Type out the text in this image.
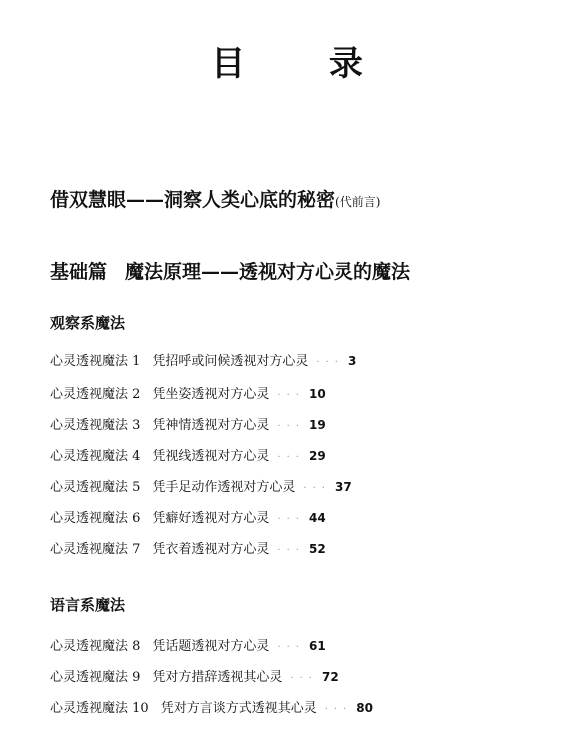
目 录
借双慧眼——洞察人类心底的秘密(代前言)
基础篇 魔法原理——透视对方心灵的魔法
观察系魔法
心灵透视魔法 1 凭招呼或问候透视对方心灵 ··· 3
心灵透视魔法 2 凭坐姿透视对方心灵 ··· 10
心灵透视魔法 3 凭神情透视对方心灵 ··· 19
心灵透视魔法 4 凭视线透视对方心灵 ··· 29
心灵透视魔法 5 凭手足动作透视对方心灵 ··· 37
心灵透视魔法 6 凭癖好透视对方心灵 ··· 44
心灵透视魔法 7 凭衣着透视对方心灵 ··· 52
语言系魔法
心灵透视魔法 8 凭话题透视对方心灵 ··· 61
心灵透视魔法 9 凭对方措辞透视其心灵 ··· 72
心灵透视魔法 10 凭对方言谈方式透视其心灵 ··· 80
